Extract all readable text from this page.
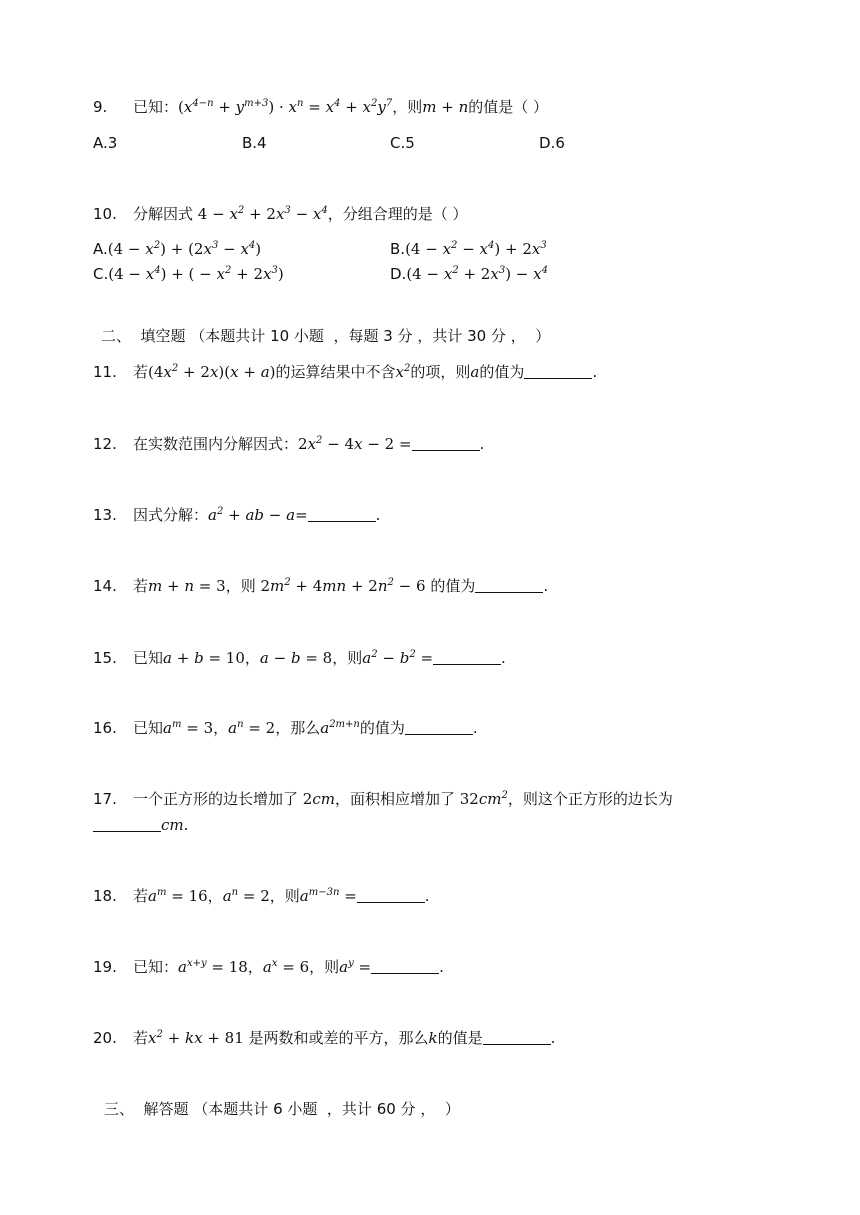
9. 已知：$(x^{4-n} + y^{m+3}) \cdot x^n = x^4 + x^2y^7$，则m + n的值是（ ）
A.3	B.4	C.5	D.6
10. 分解因式 $4 - x^2 + 2x^3 - x^4$，分组合理的是（ ）
$A.(4 - x^2) + (2x^3 - x^4)$	$B.(4 - x^2 - x^4) + 2x^3$
$C.(4 - x^4)$ + ( − $x^2 + 2x^3$)	$D.(4 - x^2 + 2x^3) - x^4$
二、  填空题 （本题共计 10 小题  ，每题 3 分 ，共计 30 分 ，  ）
11. 若$(4x^2 + 2x)(x + a)$的运算结果中不含$x^2$的项，则a的值为	.
12. 在实数范围内分解因式：$2x^2 - 4x - 2$ =	.
13. 因式分解：$a^2$ + ab − a=	.
14. 若m + n = 3，则 $2m^2 + 4mn + 2n^2 - 6$ 的值为	.
15. 已知a + b = 10，a − b = 8，则$a^2 - b^2$ =	.
16. 已知$a^m = 3$，$a^n = 2$，那么$a^{2m+n}$的值为	.
17. 一个正方形的边长增加了 2cm，面积相应增加了 $32cm^2$，则这个正方形的边长为
cm.
18. 若$a^m = 16$，$a^n = 2$，则$a^{m-3n}$ =	.
19. 已知：$a^{x+y} = 18$，$a^x = 6$，则$a^y$ =	.
20. 若$x^2$ + kx + 81 是两数和或差的平方，那么k的值是	.
三、  解答题 （本题共计 6 小题  ，共计 60 分 ，  ）
